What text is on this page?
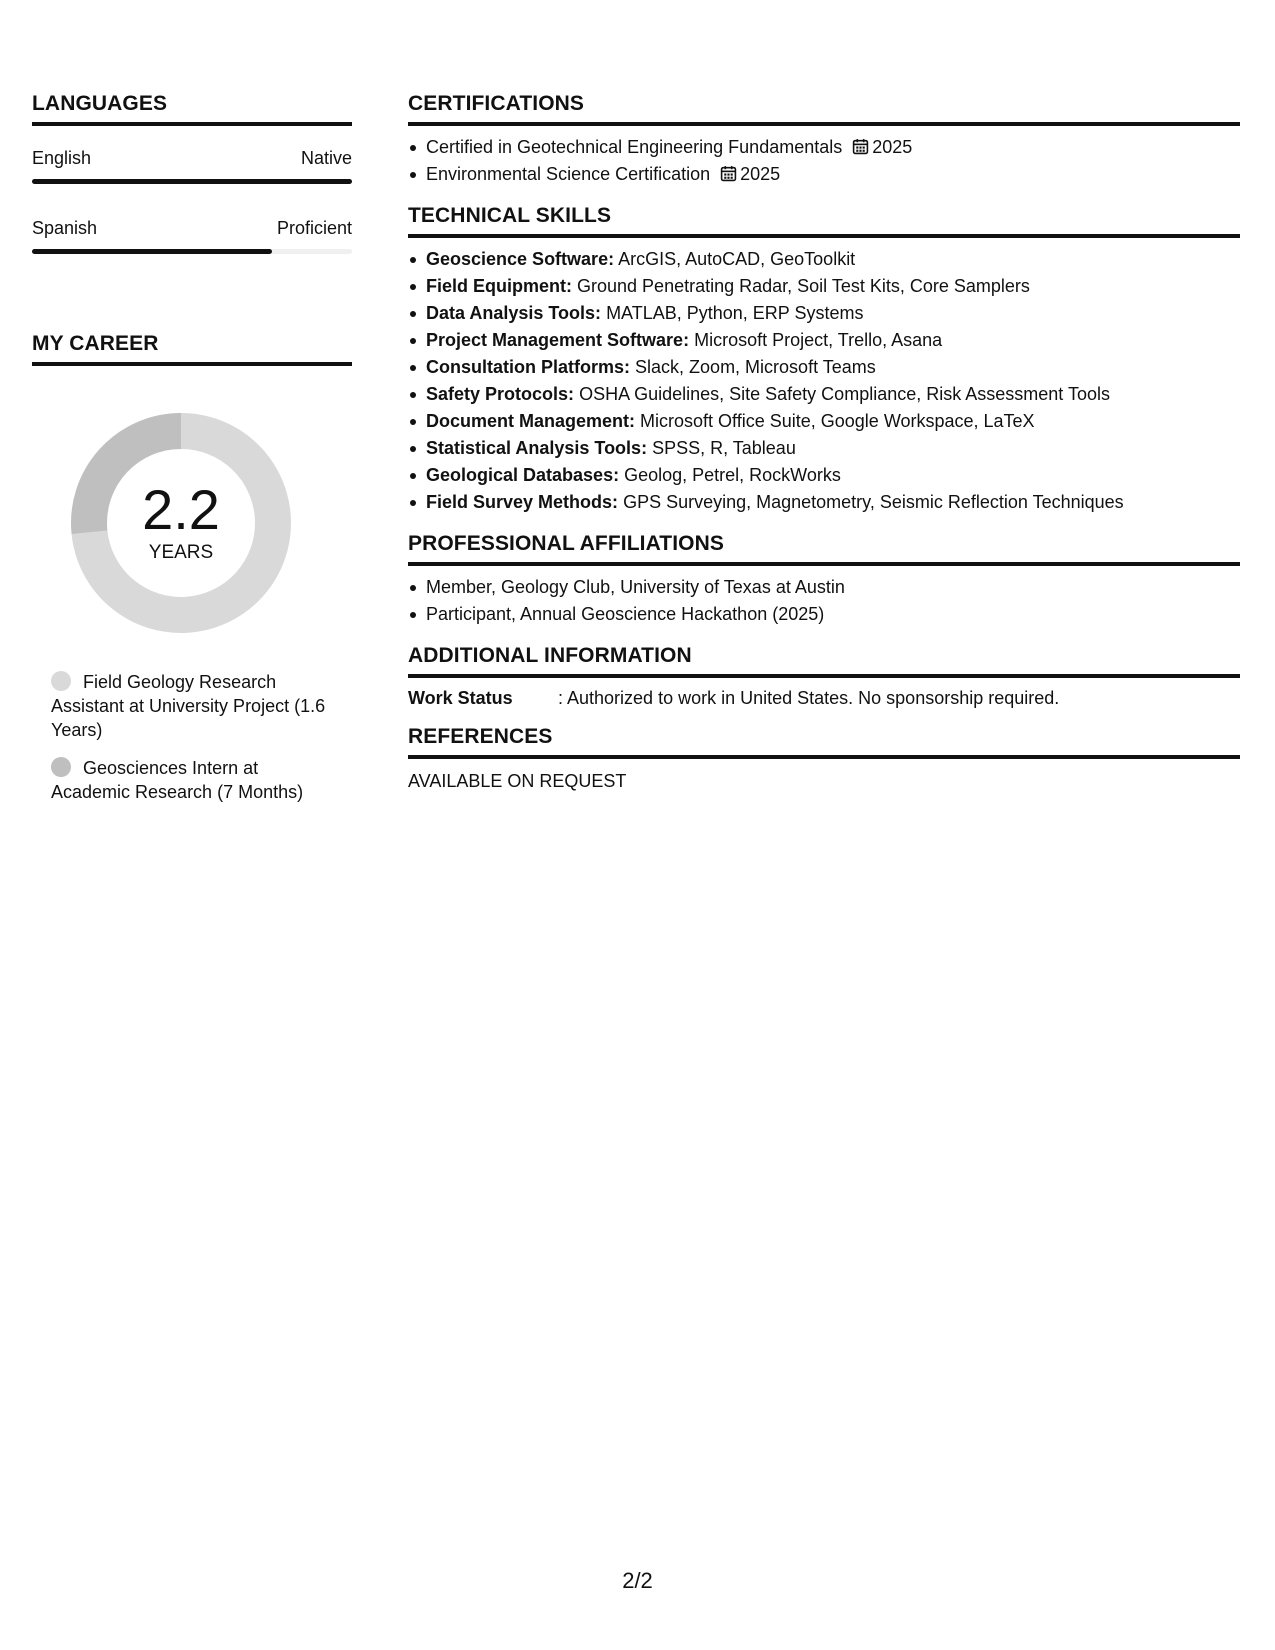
LANGUAGES
English	Native
Spanish	Proficient
MY CAREER
2.2
YEARS
Field Geology Research Assistant at University Project (1.6 Years)
Geosciences Intern at Academic Research (7 Months)
CERTIFICATIONS
Certified in Geotechnical Engineering Fundamentals 2025
Environmental Science Certification 2025
TECHNICAL SKILLS
Geoscience Software: ArcGIS, AutoCAD, GeoToolkit
Field Equipment: Ground Penetrating Radar, Soil Test Kits, Core Samplers
Data Analysis Tools: MATLAB, Python, ERP Systems
Project Management Software: Microsoft Project, Trello, Asana
Consultation Platforms: Slack, Zoom, Microsoft Teams
Safety Protocols: OSHA Guidelines, Site Safety Compliance, Risk Assessment Tools
Document Management: Microsoft Office Suite, Google Workspace, LaTeX
Statistical Analysis Tools: SPSS, R, Tableau
Geological Databases: Geolog, Petrel, RockWorks
Field Survey Methods: GPS Surveying, Magnetometry, Seismic Reflection Techniques
PROFESSIONAL AFFILIATIONS
Member, Geology Club, University of Texas at Austin
Participant, Annual Geoscience Hackathon (2025)
ADDITIONAL INFORMATION
Work Status	: Authorized to work in United States. No sponsorship required.
REFERENCES
AVAILABLE ON REQUEST
2/2
